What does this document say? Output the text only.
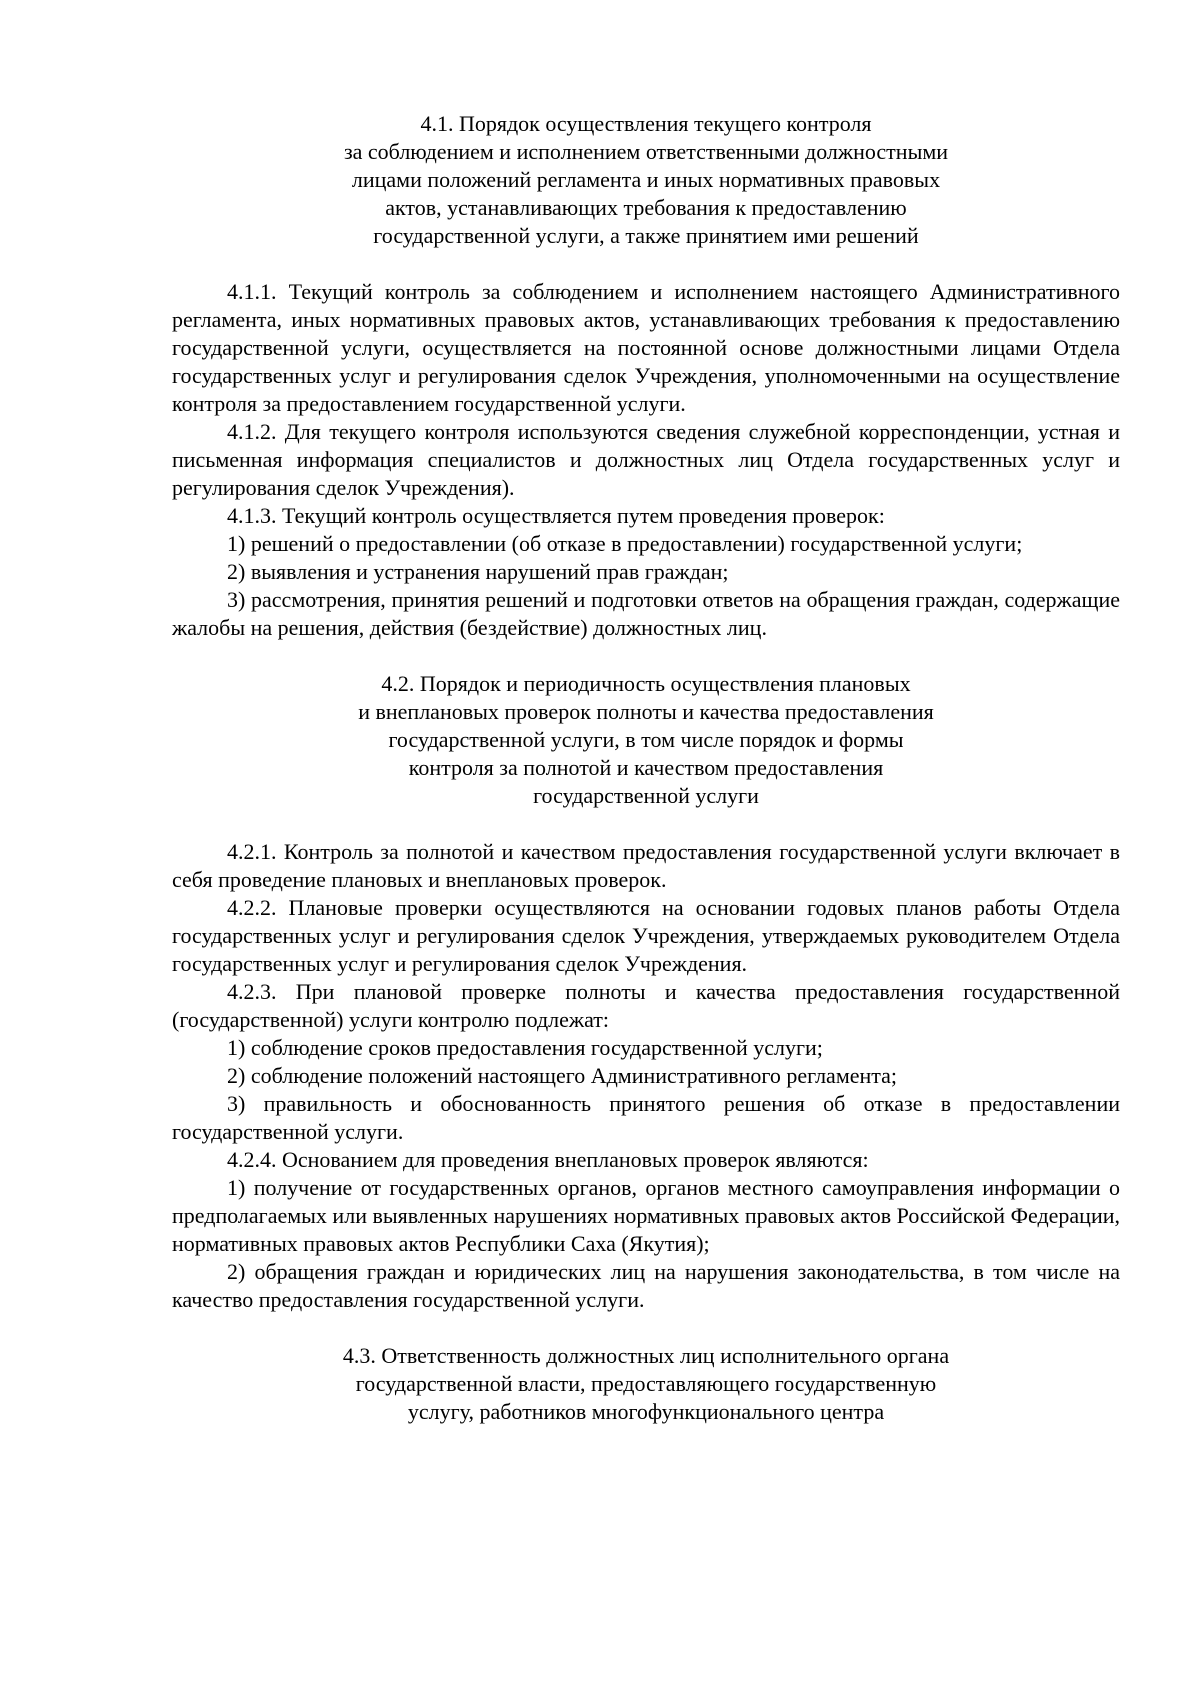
4.1. Порядок осуществления текущего контроля
за соблюдением и исполнением ответственными должностными
лицами положений регламента и иных нормативных правовых
актов, устанавливающих требования к предоставлению
государственной услуги, а также принятием ими решений

4.1.1. Текущий контроль за соблюдением и исполнением настоящего Административного регламента, иных нормативных правовых актов, устанавливающих требования к предоставлению государственной услуги, осуществляется на постоянной основе должностными лицами Отдела государственных услуг и регулирования сделок Учреждения, уполномоченными на осуществление контроля за предоставлением государственной услуги.

4.1.2. Для текущего контроля используются сведения служебной корреспонденции, устная и письменная информация специалистов и должностных лиц Отдела государственных услуг и регулирования сделок Учреждения).

4.1.3. Текущий контроль осуществляется путем проведения проверок:

1) решений о предоставлении (об отказе в предоставлении) государственной услуги;

2) выявления и устранения нарушений прав граждан;

3) рассмотрения, принятия решений и подготовки ответов на обращения граждан, содержащие жалобы на решения, действия (бездействие) должностных лиц.

4.2. Порядок и периодичность осуществления плановых
и внеплановых проверок полноты и качества предоставления
государственной услуги, в том числе порядок и формы
контроля за полнотой и качеством предоставления
государственной услуги

4.2.1. Контроль за полнотой и качеством предоставления государственной услуги включает в себя проведение плановых и внеплановых проверок.

4.2.2. Плановые проверки осуществляются на основании годовых планов работы Отдела государственных услуг и регулирования сделок Учреждения, утверждаемых руководителем Отдела государственных услуг и регулирования сделок Учреждения.

4.2.3. При плановой проверке полноты и качества предоставления государственной (государственной) услуги контролю подлежат:

1) соблюдение сроков предоставления государственной услуги;

2) соблюдение положений настоящего Административного регламента;

3) правильность и обоснованность принятого решения об отказе в предоставлении государственной услуги.

4.2.4. Основанием для проведения внеплановых проверок являются:

1) получение от государственных органов, органов местного самоуправления информации о предполагаемых или выявленных нарушениях нормативных правовых актов Российской Федерации, нормативных правовых актов Республики Саха (Якутия);

2) обращения граждан и юридических лиц на нарушения законодательства, в том числе на качество предоставления государственной услуги.

4.3. Ответственность должностных лиц исполнительного органа
государственной власти, предоставляющего государственную
услугу, работников многофункционального центра
